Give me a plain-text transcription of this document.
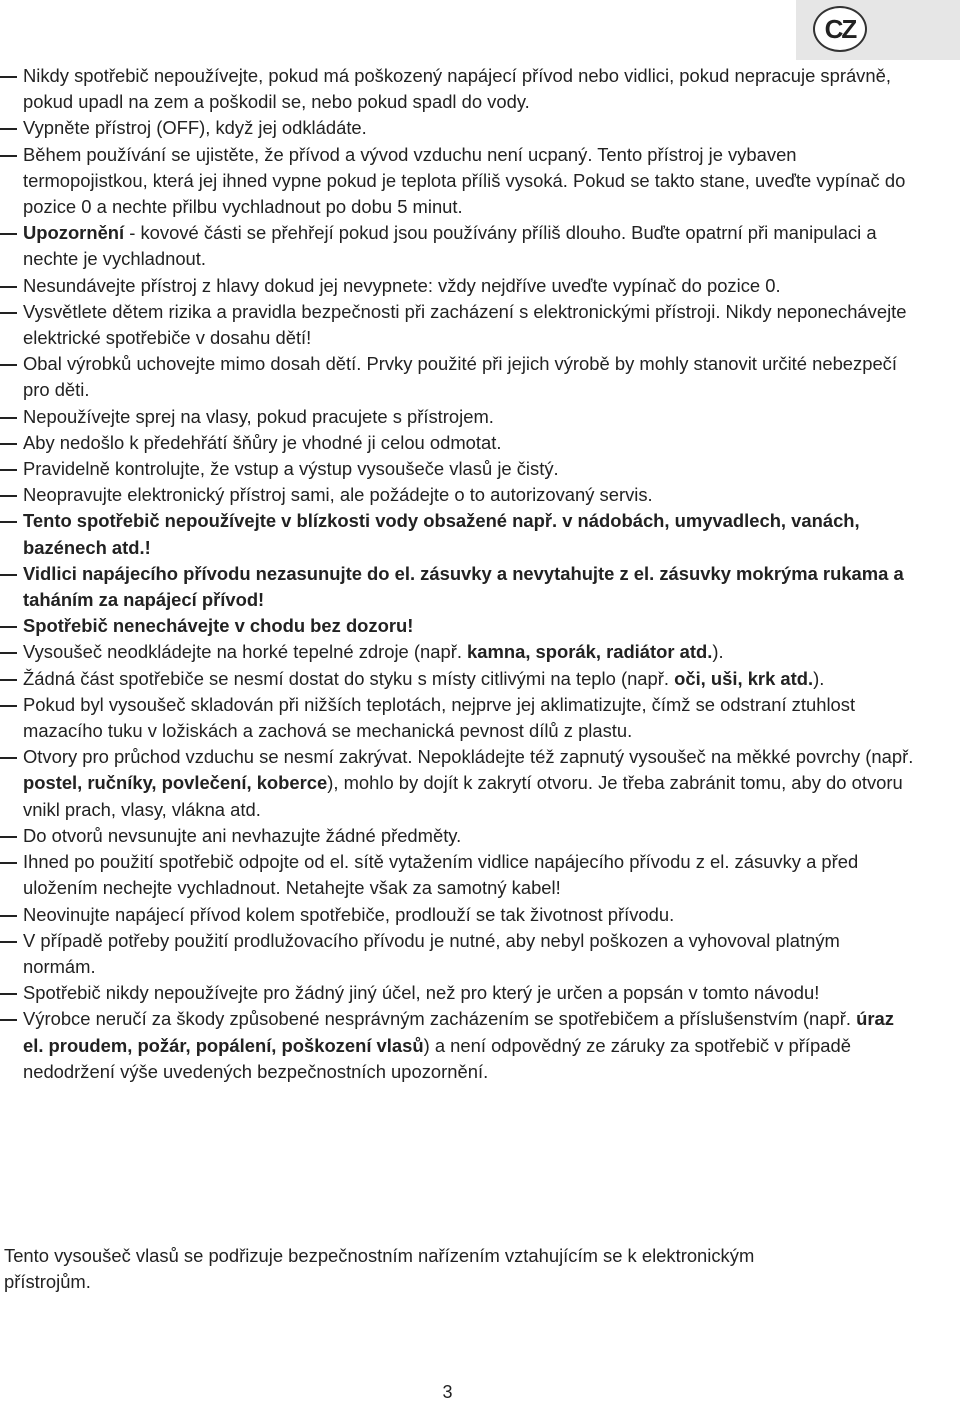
CZ
Nikdy spotřebič nepoužívejte, pokud má poškozený napájecí přívod nebo vidlici, pokud nepracuje správně, pokud upadl na zem a poškodil se, nebo pokud spadl do vody.
Vypněte přístroj (OFF), když jej odkládáte.
Během používání se ujistěte, že přívod a vývod vzduchu není ucpaný. Tento přístroj je vybaven termopojistkou, která jej ihned vypne pokud je teplota příliš vysoká. Pokud se takto stane, uveďte vypínač do pozice 0 a nechte přilbu vychladnout po dobu 5 minut.
Upozornění - kovové části se přehřejí pokud jsou používány příliš dlouho. Buďte opatrní při manipulaci a nechte je vychladnout.
Nesundávejte přístroj z hlavy dokud jej nevypnete: vždy nejdříve uveďte vypínač do pozice 0.
Vysvětlete dětem rizika a pravidla bezpečnosti při zacházení s elektronickými přístroji. Nikdy neponechávejte elektrické spotřebiče v dosahu dětí!
Obal výrobků uchovejte mimo dosah dětí. Prvky použité při jejich výrobě by mohly stanovit určité nebezpečí pro děti.
Nepoužívejte sprej na vlasy, pokud pracujete s přístrojem.
Aby nedošlo k předehřátí šňůry je vhodné ji celou odmotat.
Pravidelně kontrolujte, že vstup a výstup vysoušeče vlasů je čistý.
Neopravujte elektronický přístroj sami, ale požádejte o to autorizovaný servis.
Tento spotřebič nepoužívejte v blízkosti vody obsažené např. v nádobách, umyvadlech, vanách, bazénech atd.!
Vidlici napájecího přívodu nezasunujte do el. zásuvky a nevytahujte z el. zásuvky mokrýma rukama a taháním za napájecí přívod!
Spotřebič nenechávejte v chodu bez dozoru!
Vysoušeč neodkládejte na horké tepelné zdroje (např. kamna, sporák, radiátor atd.).
Žádná část spotřebiče se nesmí dostat do styku s místy citlivými na teplo (např. oči, uši, krk atd.).
Pokud byl vysoušeč skladován při nižších teplotách, nejprve jej aklimatizujte, čímž se odstraní ztuhlost mazacího tuku v ložiskách a zachová se mechanická pevnost dílů z plastu.
Otvory pro průchod vzduchu se nesmí zakrývat. Nepokládejte též zapnutý vysoušeč na měkké povrchy (např. postel, ručníky, povlečení, koberce), mohlo by dojít k zakrytí otvoru. Je třeba zabránit tomu, aby do otvoru vnikl prach, vlasy, vlákna atd.
Do otvorů nevsunujte ani nevhazujte žádné předměty.
Ihned po použití spotřebič odpojte od el. sítě vytažením vidlice napájecího přívodu z el. zásuvky a před uložením nechejte vychladnout. Netahejte však za samotný kabel!
Neovinujte napájecí přívod kolem spotřebiče, prodlouží se tak životnost přívodu.
V případě potřeby použití prodlužovacího přívodu je nutné, aby nebyl poškozen a vyhovoval platným normám.
Spotřebič nikdy nepoužívejte pro žádný jiný účel, než pro který je určen a popsán v tomto návodu!
Výrobce neručí za škody způsobené nesprávným zacházením se spotřebičem a příslušenstvím (např. úraz el. proudem, požár, popálení, poškození vlasů) a není odpovědný ze záruky za spotřebič v případě nedodržení výše uvedených bezpečnostních upozornění.

Tento vysoušeč vlasů se podřizuje bezpečnostním nařízením vztahujícím se k elektronickým přístrojům.

3
